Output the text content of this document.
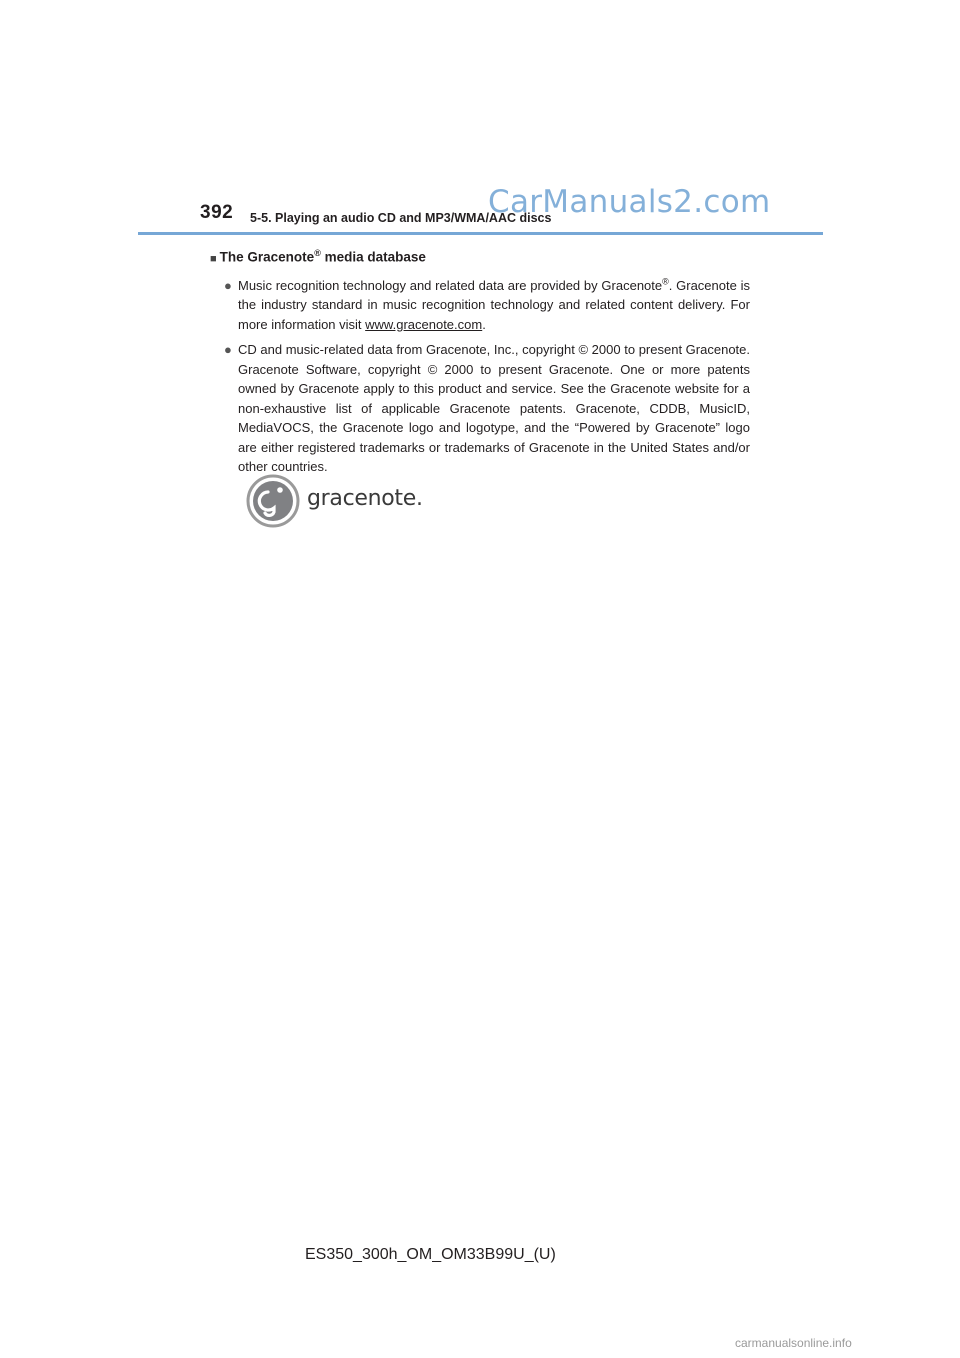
392 5-5. Playing an audio CD and MP3/WMA/AAC discs
CarManuals2.com
■ The Gracenote® media database
● Music recognition technology and related data are provided by Gracenote®. Gracenote is the industry standard in music recognition technology and related content delivery. For more information visit www.gracenote.com.
● CD and music-related data from Gracenote, Inc., copyright © 2000 to present Gracenote. Gracenote Software, copyright © 2000 to present Gracenote. One or more patents owned by Gracenote apply to this product and service. See the Gracenote website for a non-exhaustive list of applicable Gracenote patents. Gracenote, CDDB, MusicID, MediaVOCS, the Gracenote logo and logotype, and the “Powered by Gracenote” logo are either registered trademarks or trademarks of Gracenote in the United States and/or other countries.
gracenote.
ES350_300h_OM_OM33B99U_(U)
carmanualsonline.info
